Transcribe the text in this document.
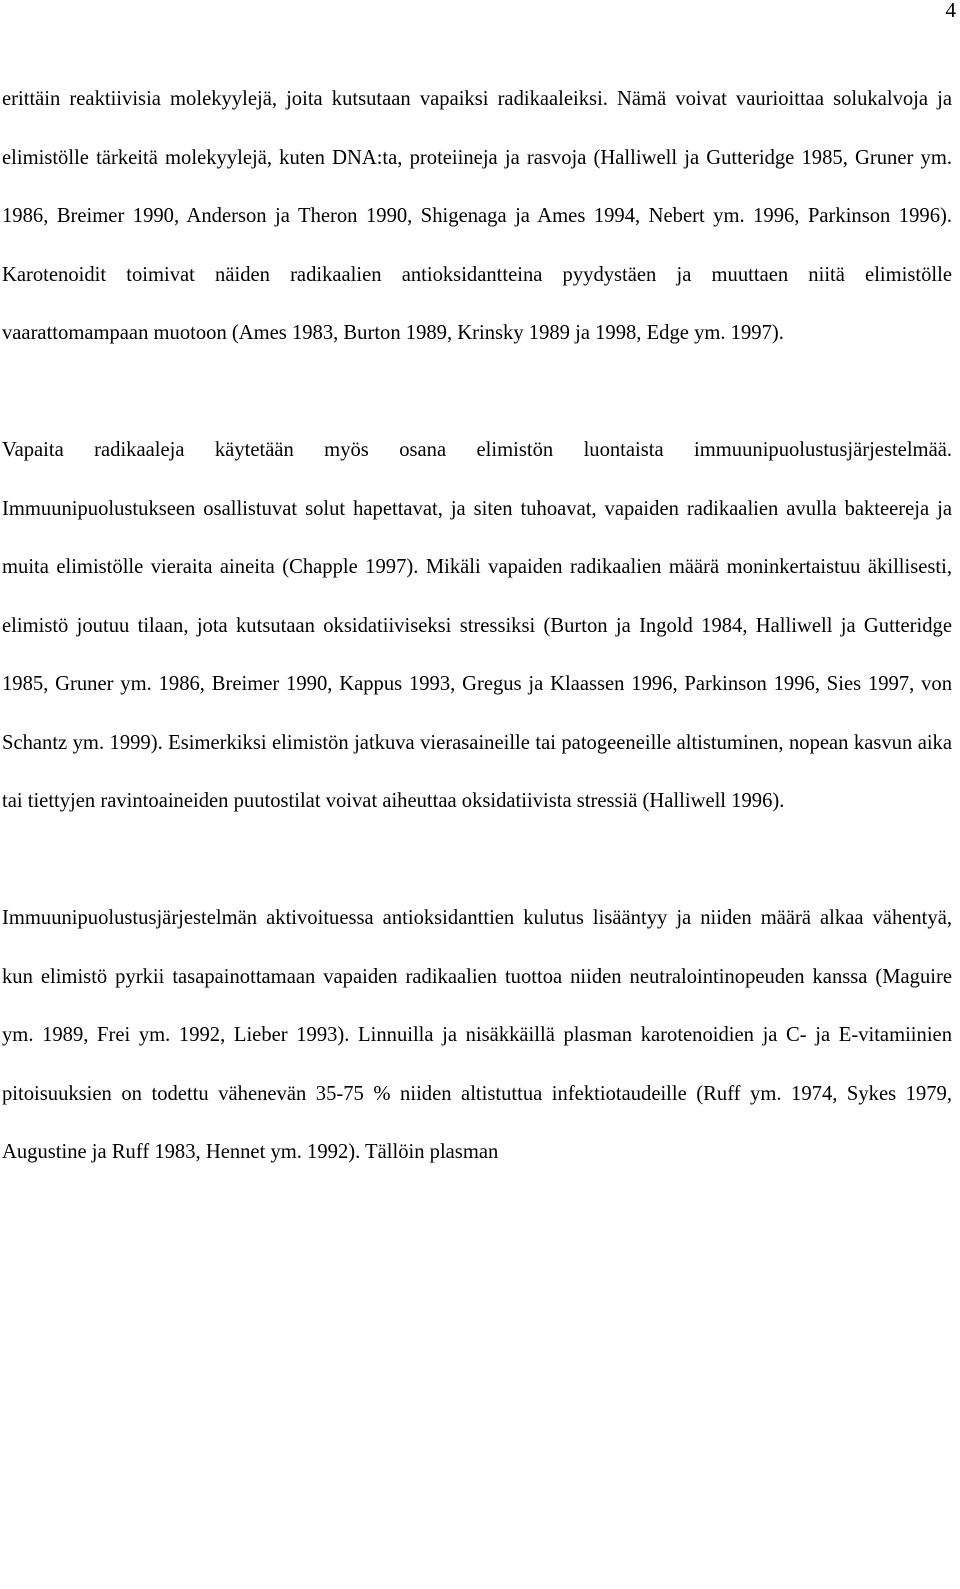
4

erittäin reaktiivisia molekyylejä, joita kutsutaan vapaiksi radikaaleiksi. Nämä voivat vaurioittaa solukalvoja ja elimistölle tärkeitä molekyylejä, kuten DNA:ta, proteiineja ja rasvoja (Halliwell ja Gutteridge 1985, Gruner ym. 1986, Breimer 1990, Anderson ja Theron 1990, Shigenaga ja Ames 1994, Nebert ym. 1996, Parkinson 1996). Karotenoidit toimivat näiden radikaalien antioksidantteina pyydystäen ja muuttaen niitä elimistölle vaarattomampaan muotoon (Ames 1983, Burton 1989, Krinsky 1989 ja 1998, Edge ym. 1997).

Vapaita radikaaleja käytetään myös osana elimistön luontaista immuunipuolustusjärjestelmää. Immuunipuolustukseen osallistuvat solut hapettavat, ja siten tuhoavat, vapaiden radikaalien avulla bakteereja ja muita elimistölle vieraita aineita (Chapple 1997). Mikäli vapaiden radikaalien määrä moninkertaistuu äkillisesti, elimistö joutuu tilaan, jota kutsutaan oksidatiiviseksi stressiksi (Burton ja Ingold 1984, Halliwell ja Gutteridge 1985, Gruner ym. 1986, Breimer 1990, Kappus 1993, Gregus ja Klaassen 1996, Parkinson 1996, Sies 1997, von Schantz ym. 1999). Esimerkiksi elimistön jatkuva vierasaineille tai patogeeneille altistuminen, nopean kasvun aika tai tiettyjen ravintoaineiden puutostilat voivat aiheuttaa oksidatiivista stressiä (Halliwell 1996).

Immuunipuolustusjärjestelmän aktivoituessa antioksidanttien kulutus lisääntyy ja niiden määrä alkaa vähentyä, kun elimistö pyrkii tasapainottamaan vapaiden radikaalien tuottoa niiden neutralointinopeuden kanssa (Maguire ym. 1989, Frei ym. 1992, Lieber 1993). Linnuilla ja nisäkkäillä plasman karotenoidien ja C- ja E-vitamiinien pitoisuuksien on todettu vähenevän 35-75 % niiden altistuttua infektiotaudeille (Ruff ym. 1974, Sykes 1979, Augustine ja Ruff 1983, Hennet ym. 1992). Tällöin plasman
